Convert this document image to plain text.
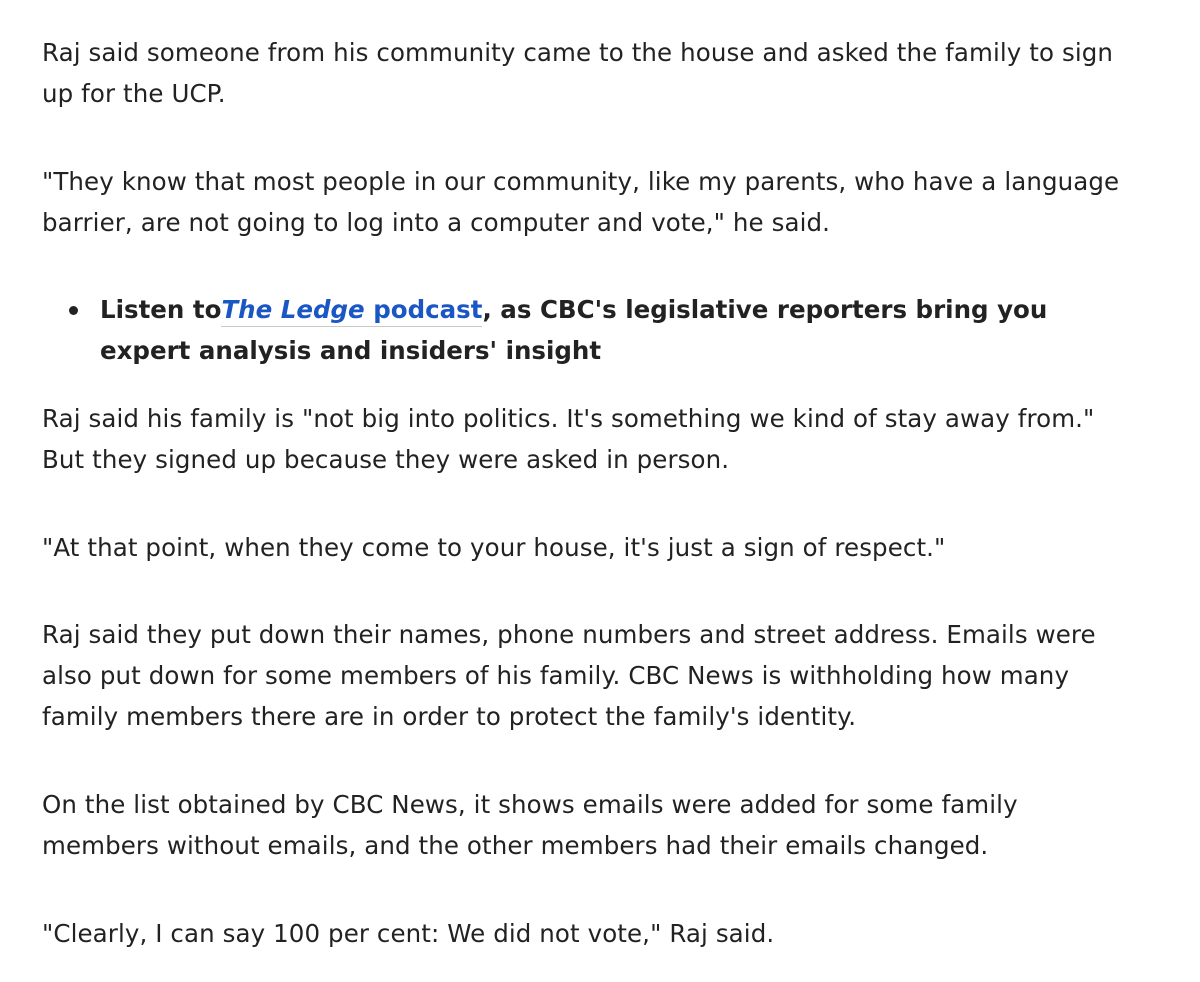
Raj said someone from his community came to the house and asked the family to sign up for the UCP.

"They know that most people in our community, like my parents, who have a language barrier, are not going to log into a computer and vote," he said.

Listen toThe Ledge podcast, as CBC's legislative reporters bring you expert analysis and insiders' insight

Raj said his family is "not big into politics. It's something we kind of stay away from." But they signed up because they were asked in person.

"At that point, when they come to your house, it's just a sign of respect."

Raj said they put down their names, phone numbers and street address. Emails were also put down for some members of his family. CBC News is withholding how many family members there are in order to protect the family's identity.

On the list obtained by CBC News, it shows emails were added for some family members without emails, and the other members had their emails changed.

"Clearly, I can say 100 per cent: We did not vote," Raj said.
